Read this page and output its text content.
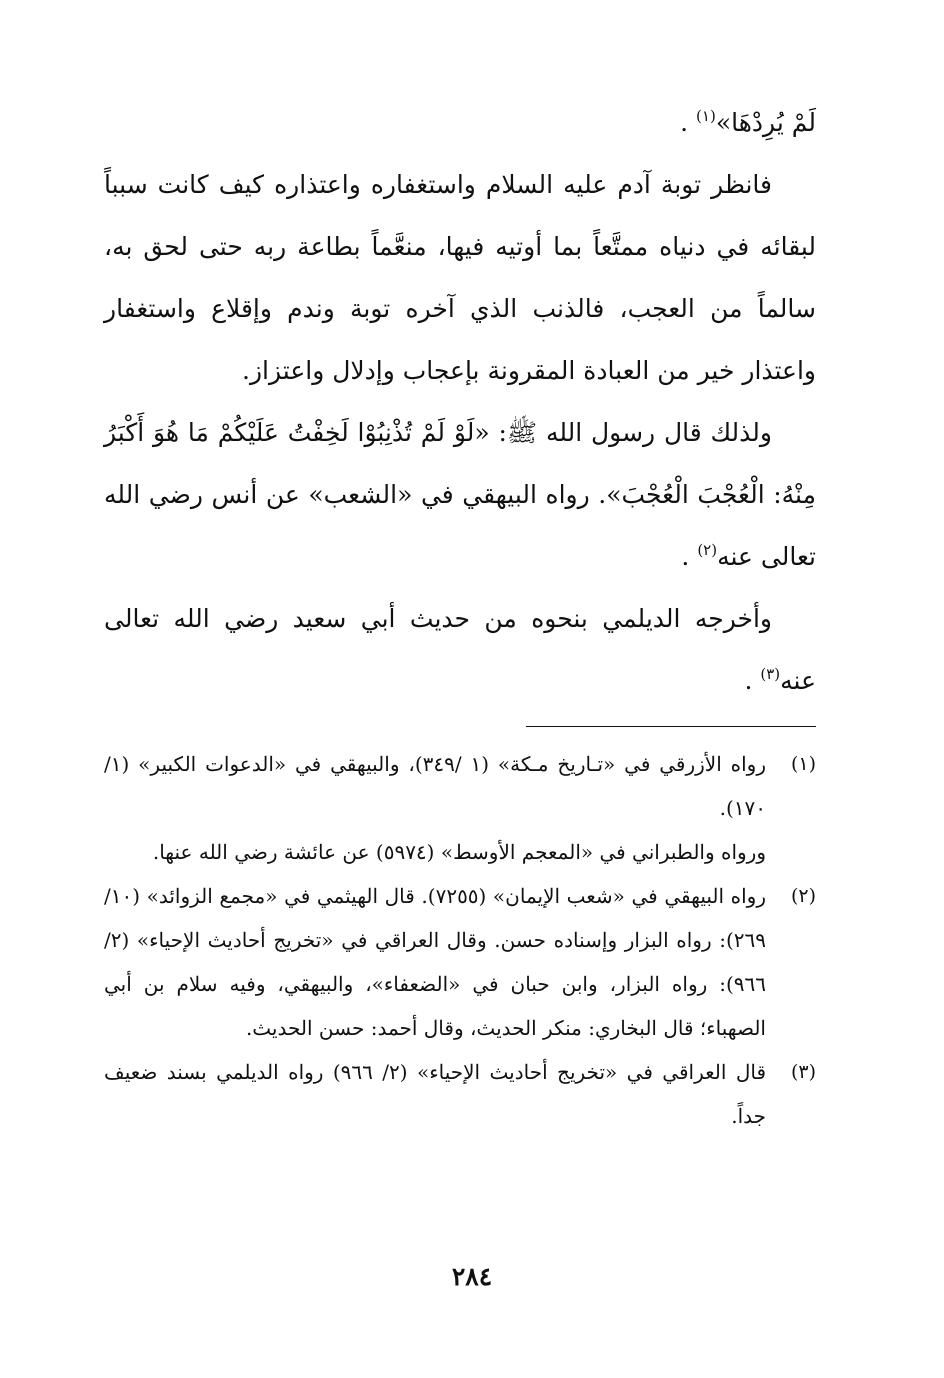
لَمْ يُرِدْهَا»$^{(١)}$ .

فانظر توبة آدم عليه السلام واستغفاره واعتذاره كيف كانت سبباً لبقائه في دنياه ممتَّعاً بما أوتيه فيها، منعَّماً بطاعة ربه حتى لحق به، سالماً من العجب، فالذنب الذي آخره توبة وندم وإقلاع واستغفار واعتذار خير من العبادة المقرونة بإعجاب وإدلال واعتزاز.

ولذلك قال رسول الله ﷺ: «لَوْ لَمْ تُذْنِبُوْا لَخِفْتُ عَلَيْكُمْ مَا هُوَ أَكْبَرُ مِنْهُ: الْعُجْبَ الْعُجْبَ». رواه البيهقي في «الشعب» عن أنس رضي الله تعالى عنه$^{(٢)}$ .

وأخرجه الديلمي بنحوه من حديث أبي سعيد رضي الله تعالى عنه$^{(٣)}$ .

(١)

رواه الأزرقي في «تـاريخ مـكة» (١ /٣٤٩)، والبيهقي في «الدعوات الكبير» (١/ ١٧٠).

ورواه والطبراني في «المعجم الأوسط» (٥٩٧٤) عن عائشة رضي الله عنها.

(٢)

رواه البيهقي في «شعب الإيمان» (٧٢٥٥). قال الهيثمي في «مجمع الزوائد» (١٠/ ٢٦٩): رواه البزار وإسناده حسن. وقال العراقي في «تخريج أحاديث الإحياء» (٢/ ٩٦٦): رواه البزار، وابن حبان في «الضعفاء»، والبيهقي، وفيه سلام بن أبي الصهباء؛ قال البخاري: منكر الحديث، وقال أحمد: حسن الحديث.

(٣)

قال العراقي في «تخريج أحاديث الإحياء» (٢/ ٩٦٦) رواه الديلمي بسند ضعيف جداً.

٢٨٤
